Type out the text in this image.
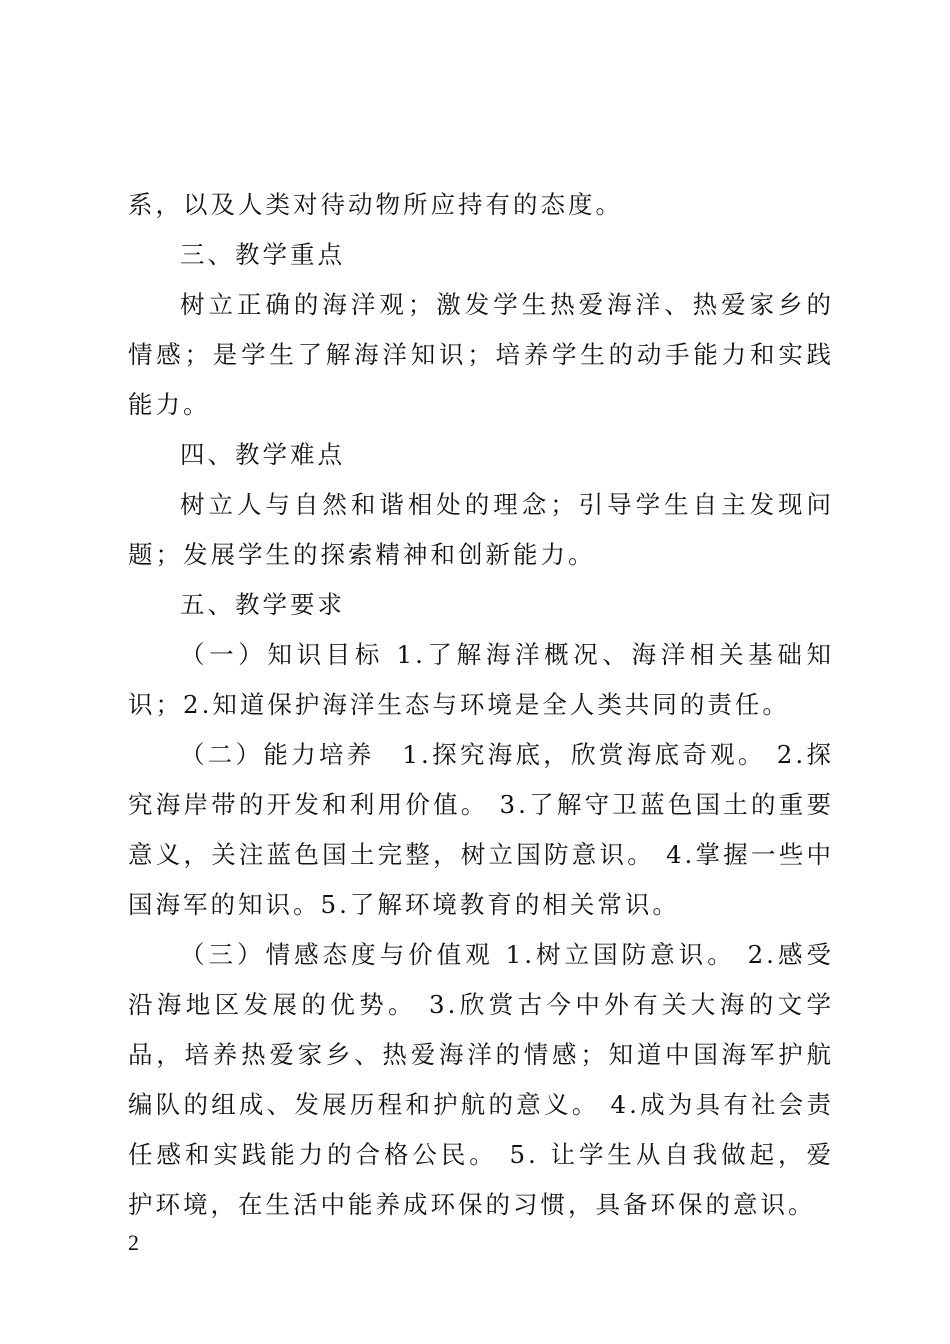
系，以及人类对待动物所应持有的态度。

三、教学重点

树立正确的海洋观；激发学生热爱海洋、热爱家乡的情感；是学生了解海洋知识；培养学生的动手能力和实践能力。

四、教学难点

树立人与自然和谐相处的理念；引导学生自主发现问题；发展学生的探索精神和创新能力。

五、教学要求

（一）知识目标 1.了解海洋概况、海洋相关基础知识；2.知道保护海洋生态与环境是全人类共同的责任。

（二）能力培养　1.探究海底，欣赏海底奇观。 2.探究海岸带的开发和利用价值。 3.了解守卫蓝色国土的重要意义，关注蓝色国土完整，树立国防意识。 4.掌握一些中国海军的知识。5.了解环境教育的相关常识。

（三）情感态度与价值观 1.树立国防意识。 2.感受沿海地区发展的优势。 3.欣赏古今中外有关大海的文学品，培养热爱家乡、热爱海洋的情感；知道中国海军护航编队的组成、发展历程和护航的意义。 4.成为具有社会责任感和实践能力的合格公民。 5. 让学生从自我做起，爱护环境，在生活中能养成环保的习惯，具备环保的意识。

2
